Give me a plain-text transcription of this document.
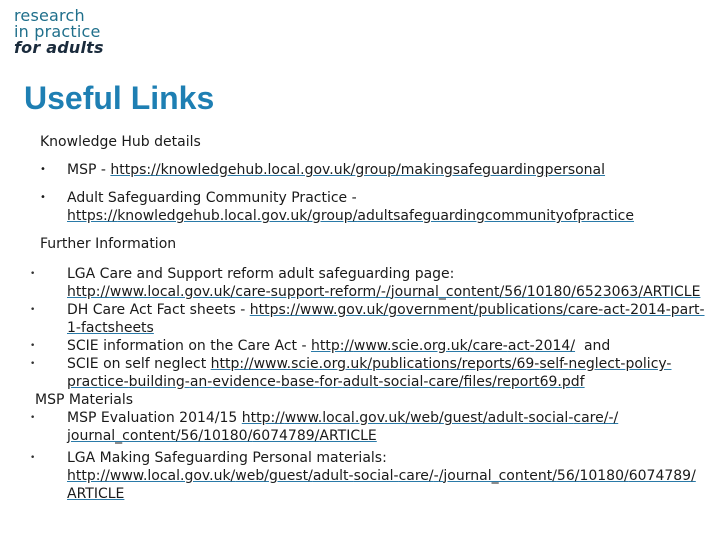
research
in practice
for adults
Useful Links

Knowledge Hub details

• MSP - https://knowledgehub.local.gov.uk/group/makingsafeguardingpersonal
• Adult Safeguarding Community Practice -
https://knowledgehub.local.gov.uk/group/adultsafeguardingcommunityofpractice

Further Information

• LGA Care and Support reform adult safeguarding page:
http://www.local.gov.uk/care-support-reform/-/journal_content/56/10180/6523063/ARTICLE
• DH Care Act Fact sheets - https://www.gov.uk/government/publications/care-act-2014-part-1-factsheets
• SCIE information on the Care Act - http://www.scie.org.uk/care-act-2014/  and
• SCIE on self neglect http://www.scie.org.uk/publications/reports/69-self-neglect-policy-practice-building-an-evidence-base-for-adult-social-care/files/report69.pdf

MSP Materials

• MSP Evaluation 2014/15 http://www.local.gov.uk/web/guest/adult-social-care/-/journal_content/56/10180/6074789/ARTICLE
• LGA Making Safeguarding Personal materials:
http://www.local.gov.uk/web/guest/adult-social-care/-/journal_content/56/10180/6074789/ARTICLE
